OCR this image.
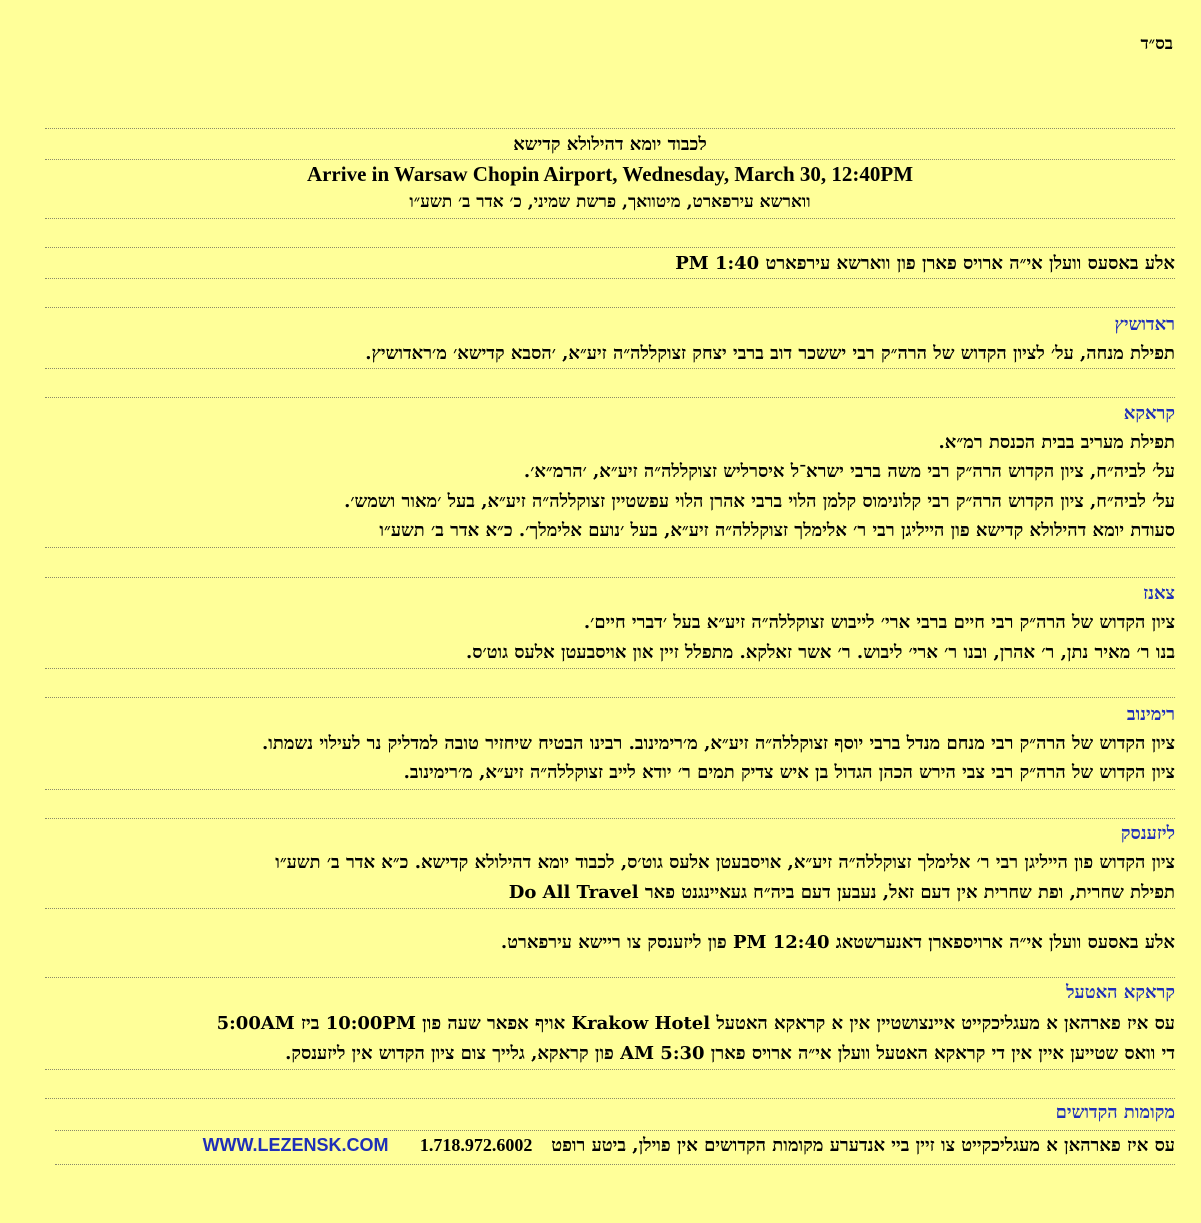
בס״ד
לכבוד יומא דהילולא קדישא
Arrive in Warsaw Chopin Airport, Wednesday, March 30, 12:40PM
ווארשא עירפארט, מיטוואך, פרשת שמיני, כ׳ אדר ב׳ תשע״ו
אלע באסעס וועלן אי״ה ארויס פארן פון ווארשא עירפארט 1:40 PM
ראדושיץ
תפילת מנחה, על׳ לציון הקדוש של הרה״ק רבי יששכר דוב ברבי יצחק זצוקללה״ה זיע״א, ׳הסבא קדישא׳ מ׳ראדושיץ.
קראקא
תפילת מעריב בבית הכנסת רמ״א.
על׳ לביה״ח, ציון הקדוש הרה״ק רבי משה ברבי ישרא־ל איסרליש זצוקללה״ה זיע״א, ׳הרמ״א׳.
על׳ לביה״ח, ציון הקדוש הרה״ק רבי קלונימוס קלמן הלוי ברבי אהרן הלוי עפשטיין זצוקללה״ה זיע״א, בעל ׳מאור ושמש׳.
סעודת יומא דהילולא קדישא פון הייליגן רבי ר׳ אלימלך זצוקללה״ה זיע״א, בעל ׳נועם אלימלך׳. כ״א אדר ב׳ תשע״ו
צאנז
ציון הקדוש של הרה״ק רבי חיים ברבי ארי׳ לייבוש זצוקללה״ה זיע״א בעל ׳דברי חיים׳.
בנו ר׳ מאיר נתן, ר׳ אהרן, ובנו ר׳ ארי׳ ליבוש. ר׳ אשר זאלקא. מתפלל זיין און אויסבעטן אלעס גוט׳ס.
רימינוב
ציון הקדוש של הרה״ק רבי מנחם מנדל ברבי יוסף זצוקללה״ה זיע״א, מ׳רימינוב. רבינו הבטיח שיחזיר טובה למדליק נר לעילוי נשמתו.
ציון הקדוש של הרה״ק רבי צבי הירש הכהן הגדול בן איש צדיק תמים ר׳ יודא לייב זצוקללה״ה זיע״א, מ׳רימינוב.
ליזענסק
ציון הקדוש פון הייליגן רבי ר׳ אלימלך זצוקללה״ה זיע״א, אויסבעטן אלעס גוט׳ס, לכבוד יומא דהילולא קדישא. כ״א אדר ב׳ תשע״ו
תפילת שחרית, ופת שחרית אין דעם זאל, נעבען דעם ביה״ח געאיינגנט פאר Do All Travel
אלע באסעס וועלן אי״ה ארויספארן דאנערשטאג 12:40 PM פון ליזענסק צו ריישא עירפארט.
קראקא האטעל
עס איז פארהאן א מעגליכקייט איינצושטיין אין א קראקא האטעל Krakow Hotel אויף אפאר שעה פון 10:00PM ביז 5:00AM
די וואס שטייען איין אין די קראקא האטעל וועלן אי״ה ארויס פארן 5:30 AM פון קראקא, גלייך צום ציון הקדוש אין ליזענסק.
מקומות הקדושים
עס איז פארהאן א מעגליכקייט צו זיין ביי אנדערע מקומות הקדושים אין פוילן, ביטע רופט   1.718.972.6002     WWW.LEZENSK.COM
